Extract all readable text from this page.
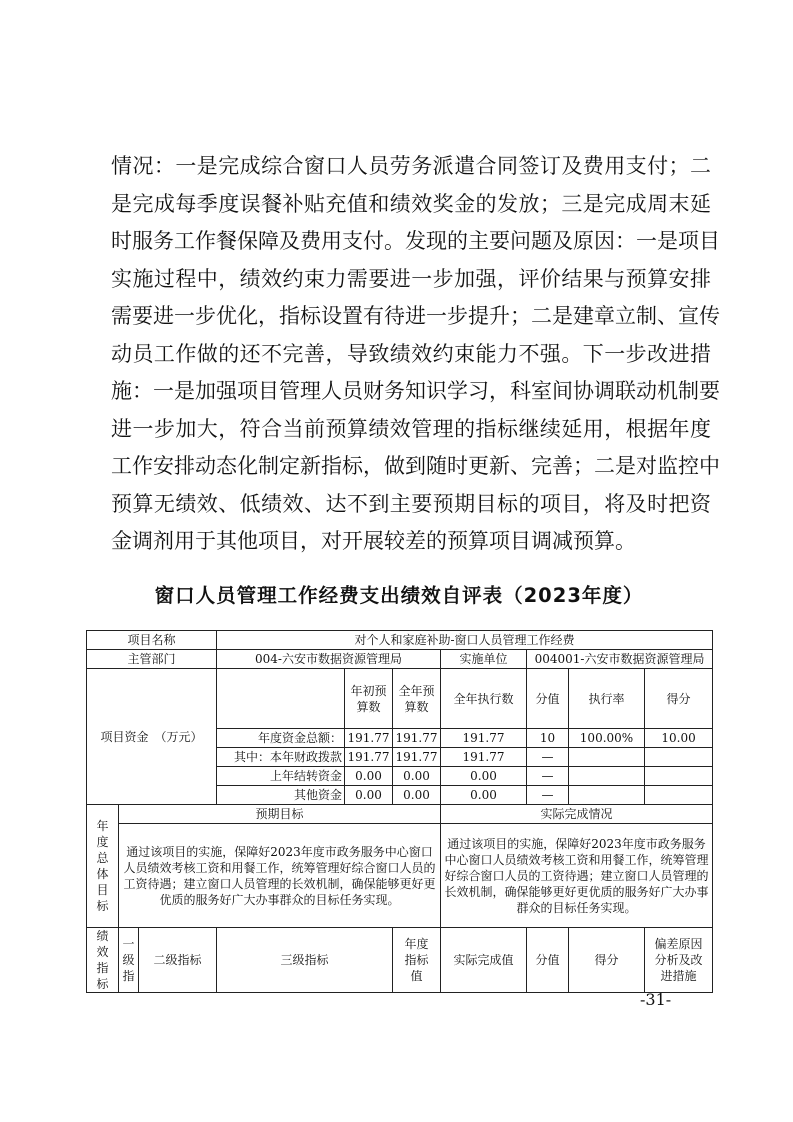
情况：一是完成综合窗口人员劳务派遣合同签订及费用支付；二
是完成每季度误餐补贴充值和绩效奖金的发放；三是完成周末延
时服务工作餐保障及费用支付。发现的主要问题及原因：一是项目
实施过程中，绩效约束力需要进一步加强，评价结果与预算安排
需要进一步优化，指标设置有待进一步提升；二是建章立制、宣传
动员工作做的还不完善，导致绩效约束能力不强。下一步改进措
施：一是加强项目管理人员财务知识学习，科室间协调联动机制要
进一步加大，符合当前预算绩效管理的指标继续延用，根据年度
工作安排动态化制定新指标，做到随时更新、完善；二是对监控中
预算无绩效、低绩效、达不到主要预期目标的项目，将及时把资
金调剂用于其他项目，对开展较差的预算项目调减预算。
窗口人员管理工作经费支出绩效自评表（2023年度）
项目名称			对个人和家庭补助-窗口人员管理工作经费						
主管部门			004-六安市数据资源管理局			实施单位	004001-六安市数据资源管理局		
项目资金　（万元）				年初预算数	全年预算数	全年执行数	分值	执行率	得分
			年度资金总额：	191.77	191.77	191.77	10	100.00%	10.00
			其中：本年财政拨款	191.77	191.77	191.77	—		
			上年结转资金	0.00	0.00	0.00	—		
			其他资金	0.00	0.00	0.00	—		

年度总体目标	预期目标					实际完成情况			
	通过该项目的实施，保障好2023年度市政务服务中心窗口人员绩效考核工资和用餐工作，统筹管理好综合窗口人员的工资待遇；建立窗口人员管理的长效机制，确保能够更好更优质的服务好广大办事群众的目标任务实现。					通过该项目的实施，保障好2023年度市政务服务中心窗口人员绩效考核工资和用餐工作，统筹管理好综合窗口人员的工资待遇；建立窗口人员管理的长效机制，确保能够更好更优质的服务好广大办事群众的目标任务实现。			

绩效指标	一级指	二级指标	三级指标		年度指标值	实际完成值	分值	得分	偏差原因分析及改进措施
-31-
